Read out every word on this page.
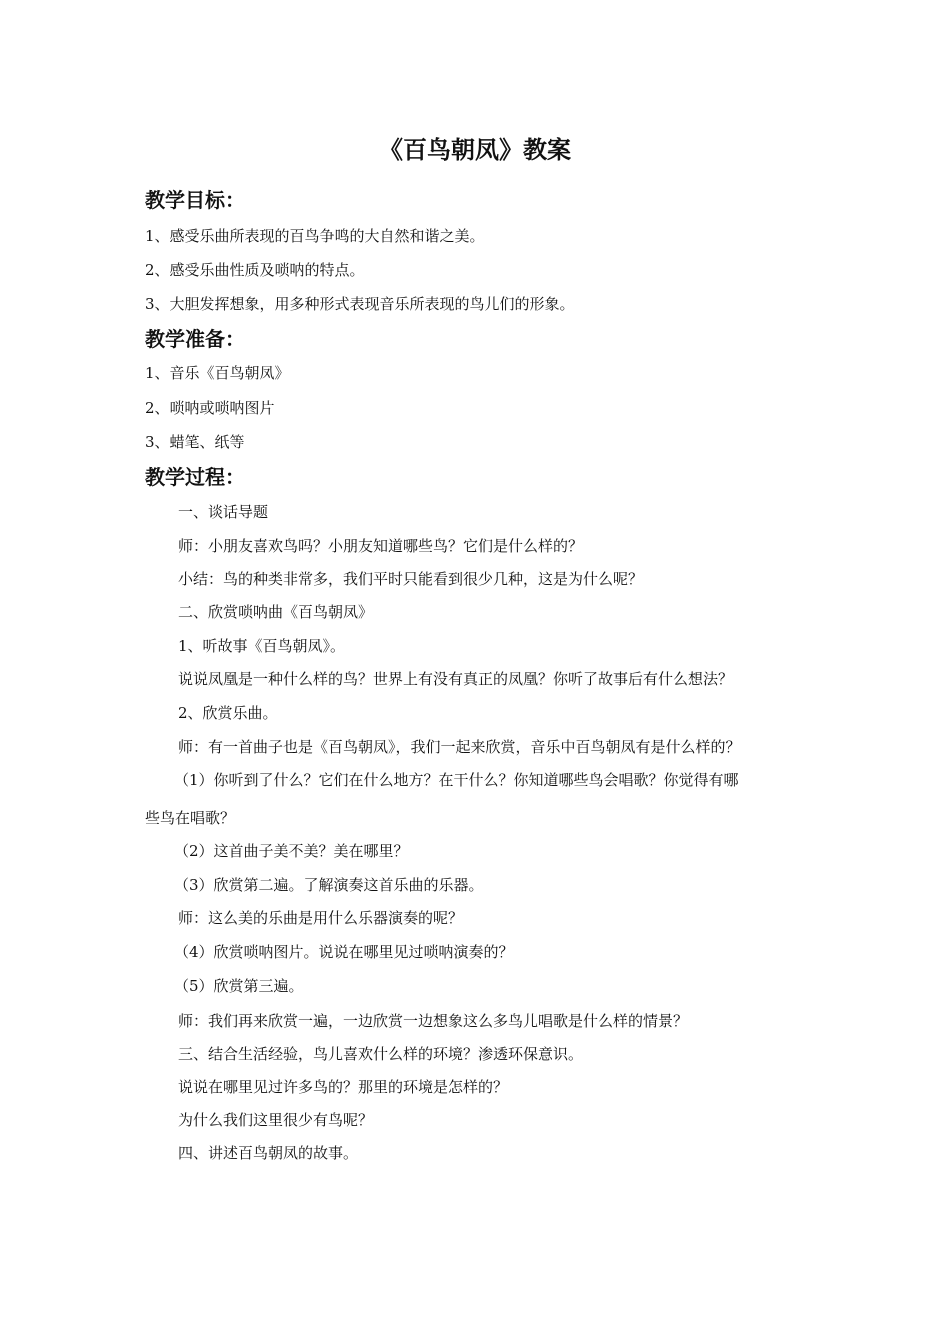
《百鸟朝凤》教案
教学目标：
1、感受乐曲所表现的百鸟争鸣的大自然和谐之美。
2、感受乐曲性质及唢呐的特点。
3、大胆发挥想象，用多种形式表现音乐所表现的鸟儿们的形象。
教学准备：
1、音乐《百鸟朝凤》
2、唢呐或唢呐图片
3、蜡笔、纸等
教学过程：
一、谈话导题
师：小朋友喜欢鸟吗？小朋友知道哪些鸟？它们是什么样的？
小结：鸟的种类非常多，我们平时只能看到很少几种，这是为什么呢？
二、欣赏唢呐曲《百鸟朝凤》
1、听故事《百鸟朝凤》。
说说凤凰是一种什么样的鸟？世界上有没有真正的凤凰？你听了故事后有什么想法？
2、欣赏乐曲。
师：有一首曲子也是《百鸟朝凤》，我们一起来欣赏，音乐中百鸟朝凤有是什么样的？
（1）你听到了什么？它们在什么地方？在干什么？你知道哪些鸟会唱歌？你觉得有哪
些鸟在唱歌？
（2）这首曲子美不美？美在哪里？
（3）欣赏第二遍。了解演奏这首乐曲的乐器。
师：这么美的乐曲是用什么乐器演奏的呢？
（4）欣赏唢呐图片。说说在哪里见过唢呐演奏的？
（5）欣赏第三遍。
师：我们再来欣赏一遍，一边欣赏一边想象这么多鸟儿唱歌是什么样的情景？
三、结合生活经验，鸟儿喜欢什么样的环境？渗透环保意识。
说说在哪里见过许多鸟的？那里的环境是怎样的？
为什么我们这里很少有鸟呢？
四、讲述百鸟朝凤的故事。
